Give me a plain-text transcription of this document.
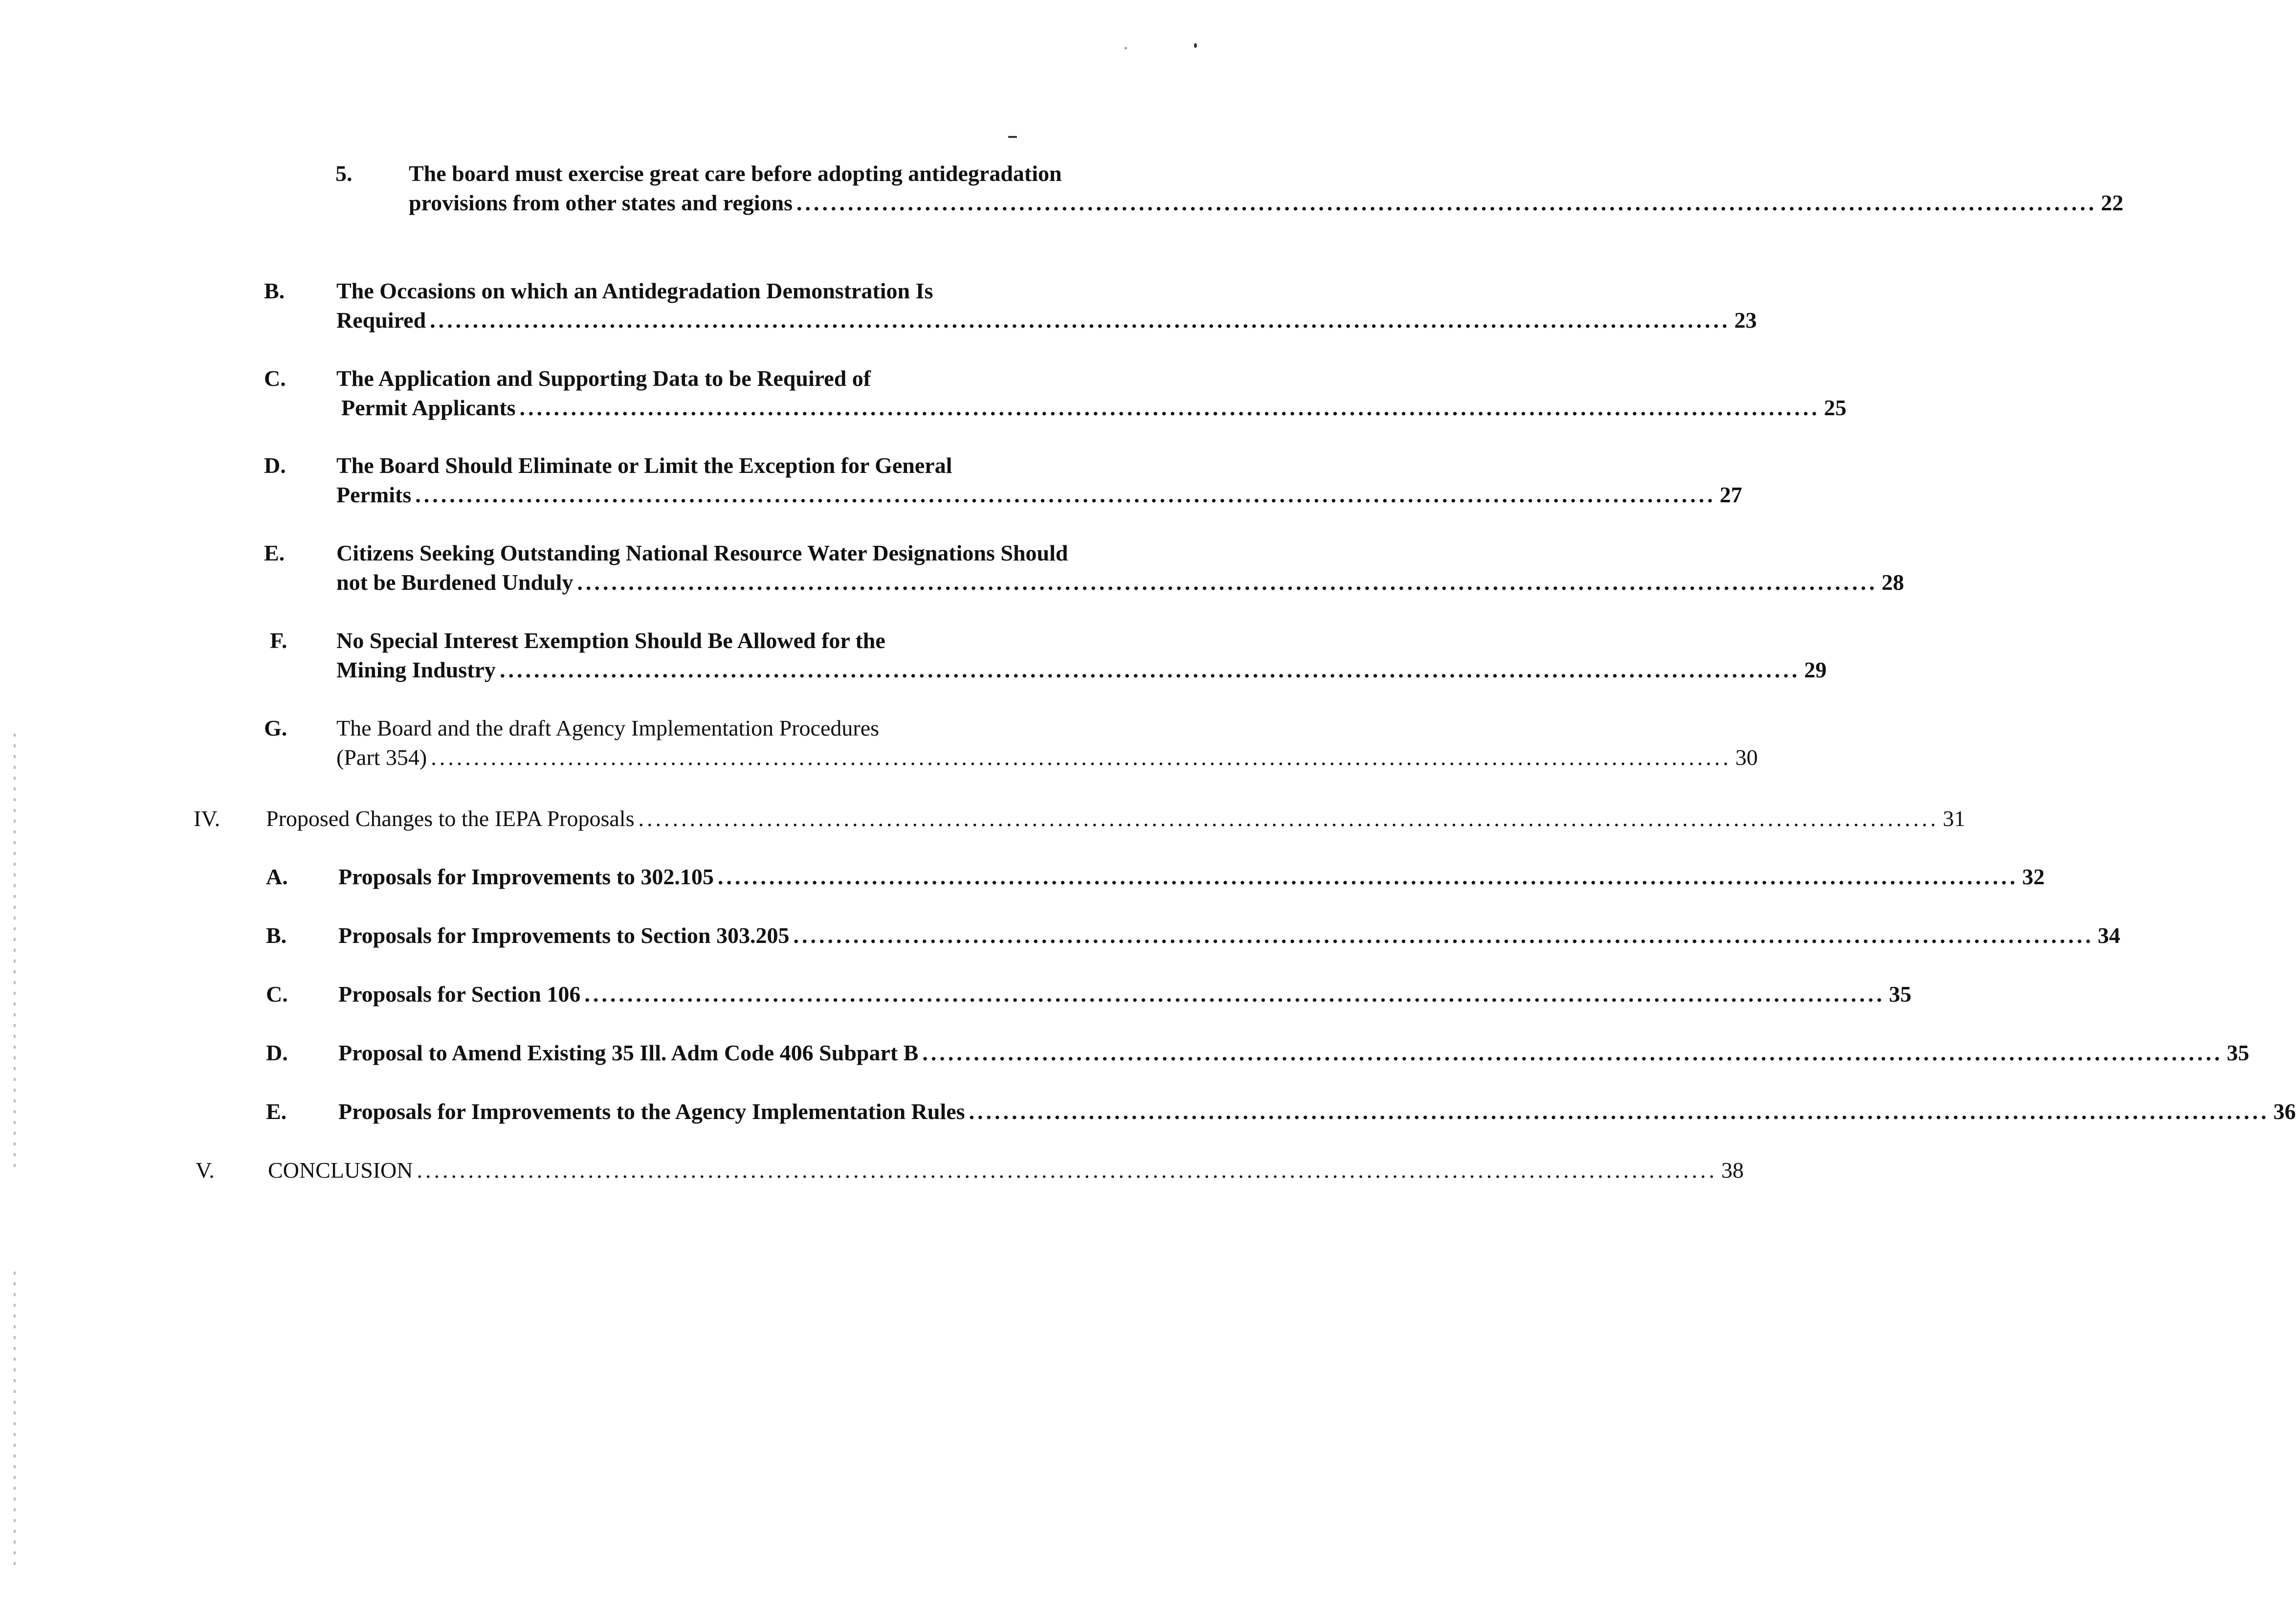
5.	The board must exercise great care before adopting antidegradation
provisions from other states and regions ........................................................................................................................................................ 22
B. The Occasions on which an Antidegradation Demonstration Is
Required ........................................................................................................................................................ 23
C. The Application and Supporting Data to be Required of
Permit Applicants ........................................................................................................................................................ 25
D. The Board Should Eliminate or Limit the Exception for General
Permits ........................................................................................................................................................ 27
E. Citizens Seeking Outstanding National Resource Water Designations Should
not be Burdened Unduly ........................................................................................................................................................ 28
F. No Special Interest Exemption Should Be Allowed for the
Mining Industry ........................................................................................................................................................ 29
G. The Board and the draft Agency Implementation Procedures
(Part 354) ........................................................................................................................................................ 30
IV. Proposed Changes to the IEPA Proposals ........................................................................................................................................................ 31
A. Proposals for Improvements to 302.105 ........................................................................................................................................................ 32
B. Proposals for Improvements to Section 303.205 ........................................................................................................................................................ 34
C. Proposals for Section 106 ........................................................................................................................................................ 35
D. Proposal to Amend Existing 35 Ill. Adm Code 406 Subpart B ........................................................................................................................................................ 35
E. Proposals for Improvements to the Agency Implementation Rules ........................................................................................................................................................ 36
V. CONCLUSION ........................................................................................................................................................ 38
